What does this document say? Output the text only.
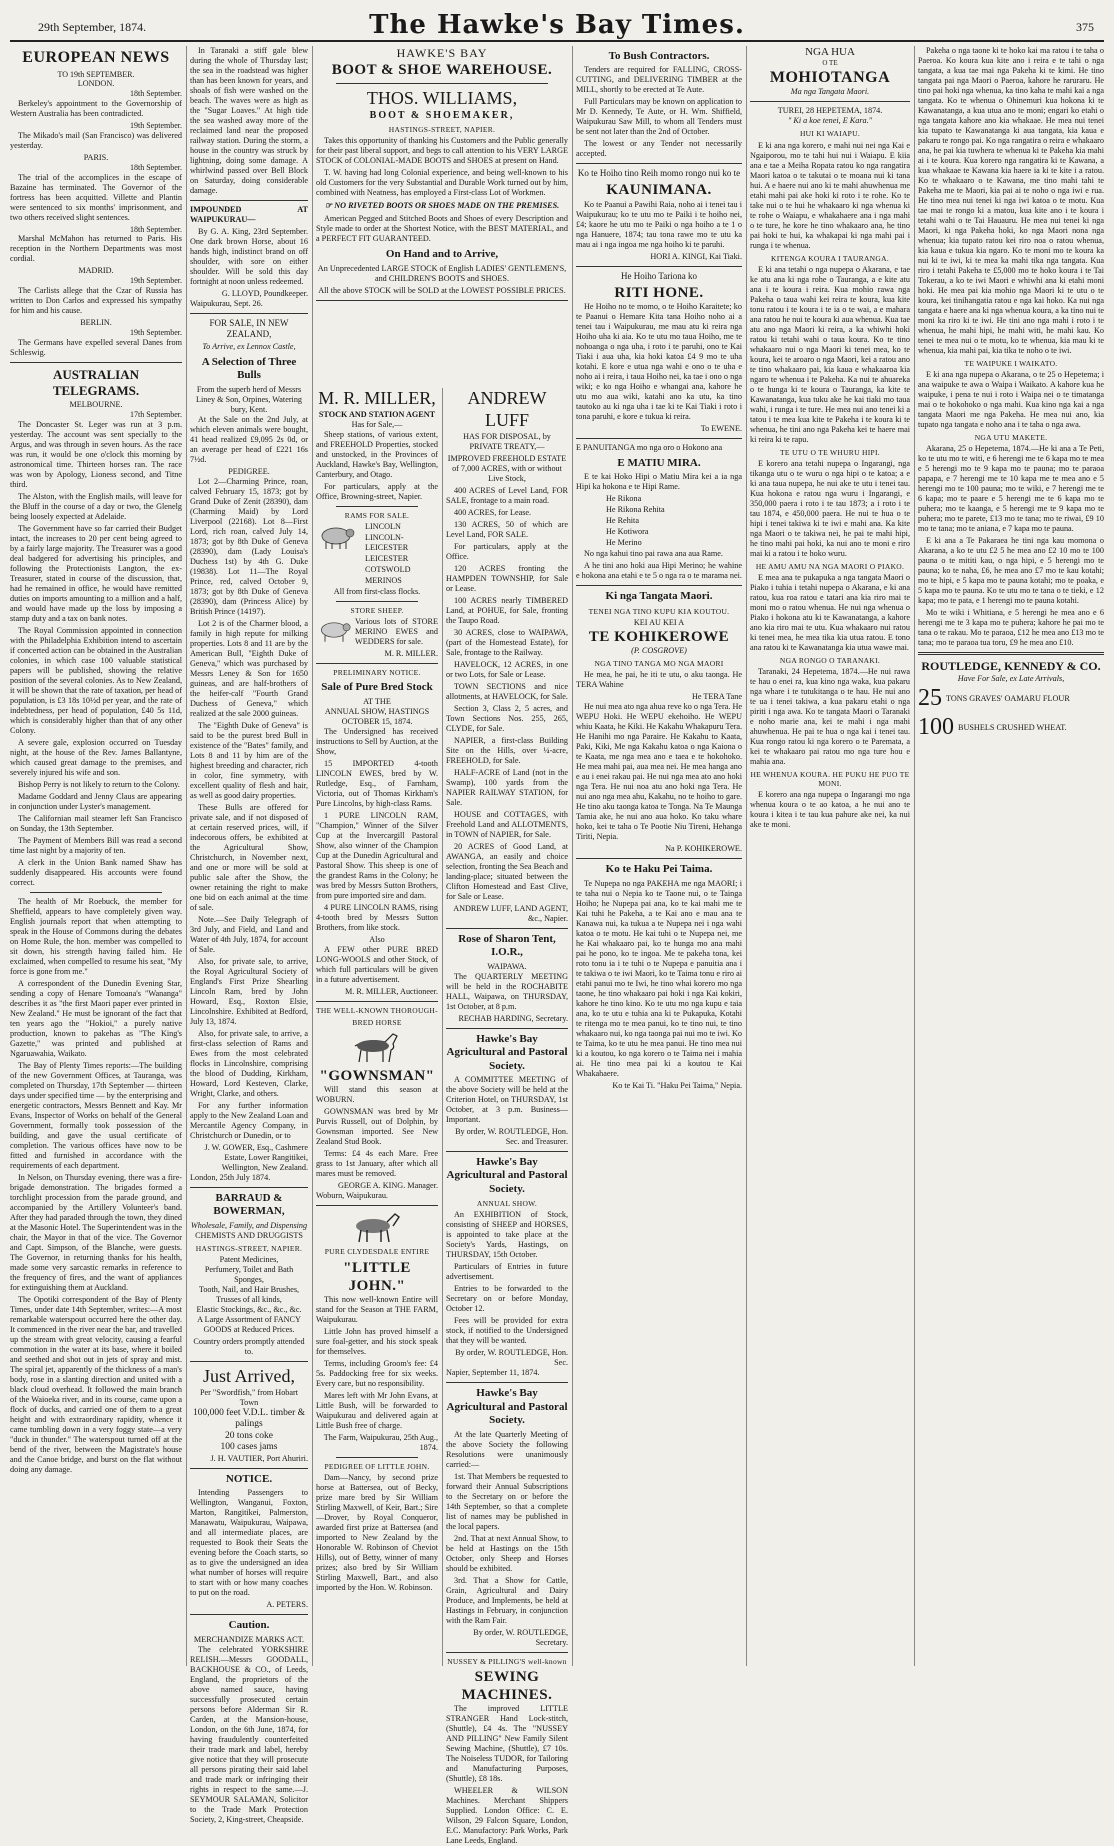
29th September, 1874.	The Hawke's Bay Times.	375
EUROPEAN NEWS
TO 19th SEPTEMBER.
LONDON.
18th September.

Berkeley's appointment to the Governorship of Western Australia has been contradicted.

19th September.

The Mikado's mail (San Francisco) was delivered yesterday.

PARIS.
18th September.

The trial of the accomplices in the escape of Bazaine has terminated. The Governor of the fortress has been acquitted. Villette and Plantin were sentenced to six months' imprisonment, and two others received slight sentences.

18th September.

Marshal McMahon has returned to Paris. His reception in the Northern Departments was most cordial.

MADRID.
19th September.

The Carlists allege that the Czar of Russia has written to Don Carlos and expressed his sympathy for him and his cause.

BERLIN.
19th September.

The Germans have expelled several Danes from Schleswig.

AUSTRALIAN TELEGRAMS.
MELBOURNE.
17th September.

The Doncaster St. Leger was run at 3 p.m. yesterday. The account was sent specially to the Argus, and was through in seven hours. As the race was run, it would be one o'clock this morning by astronomical time. Thirteen horses ran. The race was won by Apology, Lioness second, and Titne third.

The Alston, with the English mails, will leave for the Bluff in the course of a day or two, the Glenelg being loosely expected at Adelaide.

The Government have so far carried their Budget intact, the increases to 20 per cent being agreed to by a fairly large majority. The Treasurer was a good deal badgered for advertising his principles, and following the Protectionists Langton, the ex-Treasurer, stated in course of the discussion, that, had he remained in office, he would have remitted duties on imports amounting to a million and a half, and would have made up the loss by imposing a stamp duty and a tax on bank notes.

The Royal Commission appointed in connection with the Philadelphia Exhibition intend to ascertain if concerted action can be obtained in the Australian colonies, in which case 100 valuable statistical papers will be published, showing the relative position of the several colonies. As to New Zealand, it will be shown that the rate of taxation, per head of population, is £3 18s 10½d per year, and the rate of indebtedness, per head of population, £40 5s 11d, which is considerably higher than that of any other Colony.

A severe gale, explosion occurred on Tuesday night, at the house of the Rev. James Ballantyne, which caused great damage to the premises, and severely injured his wife and son.

Bishop Perry is not likely to return to the Colony.

Madame Goddard and Jenny Claus are appearing in conjunction under Lyster's management.

The Californian mail steamer left San Francisco on Sunday, the 13th September.

The Payment of Members Bill was read a second time last night by a majority of ten.

A clerk in the Union Bank named Shaw has suddenly disappeared. His accounts were found correct.

The health of Mr Roebuck, the member for Sheffield, appears to have completely given way. English journals report that when attempting to speak in the House of Commons during the debates on Home Rule, the hon. member was compelled to sit down, his strength having failed him. He exclaimed, when compelled to resume his seat, "My force is gone from me."

A correspondent of the Dunedin Evening Star, sending a copy of Henare Tomoana's "Wananga" describes it as "the first Maori paper ever printed in New Zealand." He must be ignorant of the fact that ten years ago the "Hokioi," a purely native production, known to pakehas as "The King's Gazette," was printed and published at Ngaruawahia, Waikato.

The Bay of Plenty Times reports:—The building of the new Government Offices, at Tauranga, was completed on Thursday, 17th September — thirteen days under specified time — by the enterprising and energetic contractors, Messrs Bennett and Kay. Mr Evans, Inspector of Works on behalf of the General Government, formally took possession of the building, and gave the usual certificate of completion. The various offices have now to be fitted and furnished in accordance with the requirements of each department.

In Nelson, on Thursday evening, there was a fire-brigade demonstration. The brigades formed a torchlight procession from the parade ground, and accompanied by the Artillery Volunteer's band. After they had paraded through the town, they dined at the Masonic Hotel. The Superintendent was in the chair, the Mayor in that of the vice. The Governor and Capt. Simpson, of the Blanche, were guests. The Governor, in returning thanks for his health, made some very sarcastic remarks in reference to the frequency of fires, and the want of appliances for extinguishing them at Auckland.

The Opotiki correspondent of the Bay of Plenty Times, under date 14th September, writes:—A most remarkable waterspout occurred here the other day. It commenced in the river near the bar, and travelled up the stream with great velocity, causing a fearful commotion in the water at its base, where it boiled and seethed and shot out in jets of spray and mist. The spiral jet, apparently of the thickness of a man's body, rose in a slanting direction and united with a black cloud overhead. It followed the main branch of the Waioeka river, and in its course, came upon a flock of ducks, and carried one of them to a great height and with extraordinary rapidity, whence it came tumbling down in a very foggy state—a very "duck in thunder." The waterspout turned off at the bend of the river, between the Magistrate's house and the Canoe bridge, and burst on the flat without doing any damage.

In Taranaki a stiff gale blew during the whole of Thursday last; the sea in the roadstead was higher than has been known for years, and shoals of fish were washed on the beach. The waves were as high as the "Sugar Loaves." At high tide the sea washed away more of the reclaimed land near the proposed railway station. During the storm, a house in the country was struck by lightning, doing some damage. A whirlwind passed over Bell Block on Saturday, doing considerable damage.

IMPOUNDED AT WAIPUKURAU—

By G. A. King, 23rd September. One dark brown Horse, about 16 hands high, indistinct brand on off shoulder, with sore on either shoulder. Will be sold this day fortnight at noon unless redeemed.

G. LLOYD, Poundkeeper.
Waipukurau, Sept. 26.
FOR SALE, IN NEW ZEALAND,
To Arrive, ex Lennox Castle,
A Selection of Three Bulls
From the superb herd of Messrs Liney & Son, Orpines, Watering bury, Kent.

At the Sale on the 2nd July, at which eleven animals were bought, 41 head realized £9,095 2s 0d, or an average per head of £221 16s 7½d.

PEDIGREE.

Lot 2—Charming Prince, roan, calved February 15, 1873; got by Grand Duke of Zenit (28390), dam (Charming Maid) by Lord Liverpool (22168). Lot 8—First Lord, rich roan, calved July 14, 1873; got by 8th Duke of Geneva (28390), dam (Lady Louisa's Duchess 1st) by 4th G. Duke (19838). Lot 11—The Royal Prince, red, calved October 9, 1873; got by 8th Duke of Geneva (28390), dam (Princess Alice) by British Prince (14197).

Lot 2 is of the Charmer blood, a family in high repute for milking properties. Lots 8 and 11 are by the American Bull, "Eighth Duke of Geneva," which was purchased by Messrs Leney & Son for 1650 guineas, and are half-brothers of the heifer-calf "Fourth Grand Duchess of Geneva," which realized at the sale 2000 guineas.

The "Eighth Duke of Geneva" is said to be the purest bred Bull in existence of the "Bates" family, and Lots 8 and 11 by him are of the highest breeding and character, rich in color, fine symmetry, with excellent quality of flesh and hair, as well as good dairy properties.

These Bulls are offered for private sale, and if not disposed of at certain reserved prices, will, if indecorous offers, be exhibited at the Agricultural Show, Christchurch, in November next, and one or more will be sold at public sale after the Show, the owner retaining the right to make one bid on each animal at the time of sale.

Note.—See Daily Telegraph of 3rd July, and Field, and Land and Water of 4th July, 1874, for account of Sale.

Also, for private sale, to arrive, the Royal Agricultural Society of England's First Prize Shearling Lincoln Ram, bred by John Howard, Esq., Roxton Elsie, Lincolnshire. Exhibited at Bedford, July 13, 1874.

Also, for private sale, to arrive, a first-class selection of Rams and Ewes from the most celebrated flocks in Lincolnshire, comprising the blood of Dudding, Kirkham, Howard, Lord Kesteven, Clarke, Wright, Clarke, and others.

For any further information apply to the New Zealand Loan and Mercantile Agency Company, in Christchurch or Dunedin, or to

J. W. GOWER, Esq., Cashmere Estate, Lower Rangitikei, Wellington, New Zealand.
London, 25th July 1874.
BARRAUD & BOWERMAN,
Wholesale, Family, and Dispensing
CHEMISTS AND DRUGGISTS
HASTINGS-STREET, NAPIER.
Patent Medicines,
Perfumery, Toilet and Bath Sponges,
Tooth, Nail, and Hair Brushes,
Trusses of all kinds,
Elastic Stockings, &c., &c., &c.

A Large Assortment of FANCY GOODS at Reduced Prices.

Country orders promptly attended to.

Just Arrived,
Per "Swordfish," from Hobart Town
100,000 feet V.D.L. timber & palings
20 tons coke
100 cases jams
J. H. VAUTIER, Port Ahuriri.
NOTICE.

Intending Passengers to Wellington, Wanganui, Foxton, Marton, Rangitikei, Palmerston, Manawatu, Waipukurau, Waipawa, and all intermediate places, are requested to Book their Seats the evening before the Coach starts, so as to give the undersigned an idea what number of horses will require to start with or how many coaches to put on the road.

A. PETERS.
Caution.
MERCHANDIZE MARKS ACT.

The celebrated YORKSHIRE RELISH.—Messrs GOODALL, BACKHOUSE & CO., of Leeds, England, the proprietors of the above named sauce, having successfully prosecuted certain persons before Alderman Sir R. Carden, at the Mansion-house, London, on the 6th June, 1874, for having fraudulently counterfeited their trade mark and label, hereby give notice that they will prosecute all persons pirating their said label and trade mark or infringing their rights in respect to the same.—J. SEYMOUR SALAMAN, Solicitor to the Trade Mark Protection Society, 2, King-street, Cheapside.

HAWKE'S BAY
BOOT & SHOE WAREHOUSE.
THOS. WILLIAMS,
BOOT & SHOEMAKER,
HASTINGS-STREET, NAPIER.

Takes this opportunity of thanking his Customers and the Public generally for their past liberal support, and begs to call attention to his VERY LARGE STOCK of COLONIAL-MADE BOOTS and SHOES at present on Hand.

T. W. having had long Colonial experience, and being well-known to his old Customers for the very Substantial and Durable Work turned out by him, combined with Neatness, has employed a First-class Lot of Workmen.

☞ NO RIVETED BOOTS OR SHOES MADE ON THE PREMISES.

American Pegged and Stitched Boots and Shoes of every Description and Style made to order at the Shortest Notice, with the BEST MATERIAL, and a PERFECT FIT GUARANTEED.

On Hand and to Arrive,

An Unprecedented LARGE STOCK of English LADIES' GENTLEMEN'S, and CHILDREN'S BOOTS and SHOES.

All the above STOCK will be SOLD at the LOWEST POSSIBLE PRICES.

M. R. MILLER,
STOCK AND STATION AGENT
Has for Sale,—

Sheep stations, of various extent, and FREEHOLD Properties, stocked and unstocked, in the Provinces of Auckland, Hawke's Bay, Wellington, Canterbury, and Otago.

For particulars, apply at the Office, Browning-street, Napier.

RAMS FOR SALE.
LINCOLN
LINCOLN-LEICESTER
LEICESTER
COTSWOLD
MERINOS
All from first-class flocks.
STORE SHEEP.

Various lots of STORE MERINO EWES and WEDDERS for sale.

M. R. MILLER.
PRELIMINARY NOTICE.
Sale of Pure Bred Stock
AT THE
ANNUAL SHOW, HASTINGS
OCTOBER 15, 1874.

The Undersigned has received instructions to Sell by Auction, at the Show,

15 IMPORTED 4-tooth LINCOLN EWES, bred by W. Rutledge, Esq., of Farnham, Victoria, out of Thomas Kirkham's Pure Lincolns, by high-class Rams.

1 PURE LINCOLN RAM, "Champion," Winner of the Silver Cup at the Invercargill Pastoral Show, also winner of the Champion Cup at the Dunedin Agricultural and Pastoral Show. This sheep is one of the grandest Rams in the Colony; he was bred by Messrs Sutton Brothers, from pure imported sire and dam.

4 PURE LINCOLN RAMS, rising 4-tooth bred by Messrs Sutton Brothers, from like stock.

Also

A FEW other PURE BRED LONG-WOOLS and other Stock, of which full particulars will be given in a future advertisement.

M. R. MILLER, Auctioneer.
THE WELL-KNOWN THOROUGH-
BRED HORSE
"GOWNSMAN"

Will stand this season at WOBURN.

GOWNSMAN was bred by Mr Purvis Russell, out of Dolphin, by Gownsman imported. See New Zealand Stud Book.

Terms: £4 4s each Mare. Free grass to 1st January, after which all mares must be removed.

GEORGE A. KING. Manager.
Woburn, Waipukurau.
PURE CLYDESDALE ENTIRE
"LITTLE JOHN."

This now well-known Entire will stand for the Season at THE FARM, Waipukurau.

Little John has proved himself a sure foal-getter, and his stock speak for themselves.

Terms, including Groom's fee: £4 5s. Paddocking free for six weeks. Every care, but no responsibility.

Mares left with Mr John Evans, at Little Bush, will be forwarded to Waipukurau and delivered again at Little Bush free of charge.

The Farm, Waipukurau, 25th Aug., 1874.
PEDIGREE OF LITTLE JOHN.

Dam—Nancy, by second prize horse at Battersea, out of Becky, prize mare bred by Sir William Stirling Maxwell, of Keir, Bart.; Sire—Drover, by Royal Conqueror, awarded first prize at Battersea (and imported to New Zealand by the Honorable W. Robinson of Cheviot Hills), out of Betty, winner of many prizes; also bred by Sir William Stirling Maxwell, Bart., and also imported by the Hon. W. Robinson.

ANDREW LUFF

HAS FOR DISPOSAL, by PRIVATE TREATY,—

IMPROVED FREEHOLD ESTATE

of 7,000 ACRES, with or without Live Stock,

400 ACRES of Level Land, FOR SALE, frontage to a main road.

400 ACRES, for Lease.

130 ACRES, 50 of which are Level Land, FOR SALE.

For particulars, apply at the Office.

120 ACRES fronting the HAMPDEN TOWNSHIP, for Sale or Lease.

100 ACRES nearly TIMBERED Land, at POHUE, for Sale, fronting the Taupo Road.

30 ACRES, close to WAIPAWA, (part of the Homestead Estate), for Sale, frontage to the Railway.

HAVELOCK, 12 ACRES, in one or two Lots, for Sale or Lease.

TOWN SECTIONS and nice allotments, at HAVELOCK, for Sale.

Section 3, Class 2, 5 acres, and Town Sections Nos. 255, 265, CLYDE, for Sale.

NAPIER, a first-class Building Site on the Hills, over ¼-acre, FREEHOLD, for Sale.

HALF-ACRE of Land (not in the Swamp), 100 yards from the NAPIER RAILWAY STATION, for Sale.

HOUSE and COTTAGES, with Freehold Land and ALLOTMENTS, in TOWN of NAPIER, for Sale.

20 ACRES of Good Land, at AWANGA, an easily and choice selection, fronting the Sea Beach and landing-place; situated between the Clifton Homestead and East Clive, for Sale or Lease.

ANDREW LUFF, LAND AGENT, &c., Napier.
Rose of Sharon Tent, I.O.R.,
WAIPAWA.

The QUARTERLY MEETING will be held in the ROCHABITE HALL, Waipawa, on THURSDAY, 1st October, at 8 p.m.

RECHAB HARDING, Secretary.
Hawke's Bay Agricultural and Pastoral Society.

A COMMITTEE MEETING of the above Society will be held at the Criterion Hotel, on THURSDAY, 1st October, at 3 p.m. Business—Important.

By order, W. ROUTLEDGE, Hon. Sec. and Treasurer.
Hawke's Bay Agricultural and Pastoral Society.
ANNUAL SHOW.

An EXHIBITION of Stock, consisting of SHEEP and HORSES, is appointed to take place at the Society's Yards, Hastings, on THURSDAY, 15th October.

Particulars of Entries in future advertisement.

Entries to be forwarded to the Secretary on or before Monday, October 12.

Fees will be provided for extra stock, if notified to the Undersigned that they will be wanted.

By order, W. ROUTLEDGE, Hon. Sec.
Napier, September 11, 1874.
Hawke's Bay Agricultural and Pastoral Society.

At the late Quarterly Meeting of the above Society the following Resolutions were unanimously carried:—

1st. That Members be requested to forward their Annual Subscriptions to the Secretary on or before the 14th September, so that a complete list of names may be published in the local papers.

2nd. That at next Annual Show, to be held at Hastings on the 15th October, only Sheep and Horses should be exhibited.

3rd. That a Show for Cattle, Grain, Agricultural and Dairy Produce, and Implements, be held at Hastings in February, in conjunction with the Ram Fair.

By order, W. ROUTLEDGE, Secretary.
NUSSEY & PILLING'S well-known
SEWING MACHINES.

The improved LITTLE STRANGER Hand Lock-stitch, (Shuttle), £4 4s. The "NUSSEY AND PILLING" New Family Silent Sewing Machine, (Shuttle), £7 10s. The Noiseless TUDOR, for Tailoring and Manufacturing Purposes, (Shuttle), £8 18s.

WHEELER & WILSON Machines. Merchant Shippers Supplied. London Office: C. E. Wilson, 29 Falcon Square, London, E.C. Manufactory: Park Works, Park Lane Leeds, England.

To Bush Contractors.

Tenders are required for FALLING, CROSS-CUTTING, and DELIVERING TIMBER at the MILL, shortly to be erected at Te Aute.

Full Particulars may be known on application to Mr D. Kennedy, Te Aute, or H. Wm. Shiffield, Waipukurau Saw Mill, to whom all Tenders must be sent not later than the 2nd of October.

The lowest or any Tender not necessarily accepted.

Ko te Hoiho tino Reih momo rongo nui ko te
KAUNIMANA.

Ko te Paanui a Pawihi Raia, noho ai i tenei tau i Waipukurau; ko te utu mo te Paiki i te hoiho nei, £4; kaore he utu mo te Paiki o nga hoiho a te 1 o nga Hanuere, 1874; tau tona rawe mo te utu ka mau ai i nga ingoa me nga hoiho ki te paruhi.

HORI A. KINGI, Kai Tiaki.
He Hoiho Tariona ko
RITI HONE.

He Hoiho no te momo, o te Hoiho Karaitete; ko te Paanui o Hemare Kita tana Hoiho noho ai a tenei tau i Waipukurau, me mau atu ki reira nga Hoiho uha ki aia. Ko te utu mo taua Hoiho, me te nohoanga o nga uha, i roto i te paruhi, ono te Kai Tiaki i aua uha, kia hoki katoa £4 9 mo te uha kotahi. E kore e utua nga wahi e ono o te uha e noho ai i reira, i taua Hoiho nei, ka tae i ono o nga wiki; e ko nga Hoiho e whangai ana, kahore he utu mo aua wiki, katahi ano ka utu, ka tino tautoko au ki nga uha i tae ki te Kai Tiaki i roto i tona paruhi, e kore e tukua ki reira.

To EWENE.

E PANUITANGA mo nga oro o Hokono ana

E MATIU MIRA.

E te kai Hoko Hipi o Matiu Mira kei a ia nga Hipi ka hokona e te Hipi Rame.

He Rikona
He Rikona Rehita
He Rehita
He Kotiwora
He Merino

No nga kahui tino pai rawa ana aua Rame.

A he tini ano hoki aua Hipi Merino; he wahine e hokona ana etahi e te 5 o nga ra o te marama nei.

Ki nga Tangata Maori.
TENEI NGA TINO KUPU KIA KOUTOU.
KEI AU KEI A
TE KOHIKEROWE
(P. COSGROVE)
NGA TINO TANGA MO NGA MAORI

He mea, he pai, he iti te utu, o aku taonga. He TERA Wahine

He TERA Tane

He nui mea ato nga ahua reve ko o nga Tera. He WEPU Hoki. He WEPU ekehoiho. He WEPU whiu Kaata, he Kiki. He Kakahu Whakapuru Tera. He Hanihi mo nga Paraire. He Kakahu to Kaata, Paki, Kiki, Me nga Kakahu katoa o nga Kaiona o te Kaata, me nga mea ano e taea e te hokohoko. He mea mahi pai, aua mea nei. He mea hanga ano e au i enei rakau pai. He nui nga mea ato ano hoki nga Tera. He nui noa atu ano hoki nga Tera. He nui ano nga mea ahu, Kakahu, no te hoiho to gare. He tino aku taonga katoa te Tonga. Na Te Maunga Tamia ake, he nui ano aua hoko. Ko taku whare hoko, kei te taha o Te Pootie Niu Tireni, Hehanga Tiriti, Nepia.

Na P. KOHIKEROWE.
Ko te Haku Pei Taima.

Te Nupepa no nga PAKEHA me nga MAORI; i te taha nui o Nepia ko te Taone nui, o te Tainga Hoiho; he Nupepa pai ana, ko te kai mahi me te Kai tuhi he Pakeha, a te Kai ano e mau ana te Kanawa nui, ka tukua a te Nupepa nei i nga wahi katoa o te motu. He kai tuhi o te Nupepa nei, me he Kai whakaaro pai, ko te hunga mo ana mahi pai he pono, ko te ingoa. Me te pakeha tona, kei roto tonu ia i te tuhi o te Nupepa e panuitia ana i te takiwa o te iwi Maori, ko te Taima tonu e riro ai etahi panui mo te Iwi, he tino whai korero mo nga taone, he tino whakaaro pai hoki i nga Kai kokiri, kahore he tino kino. Ko te utu mo nga kupu e taia ana, ko te utu e tuhia ana ki te Pukapuka, Kotahi te ritenga mo te mea panui, ko te tino nui, te tino whakaaro nui, ko nga taonga pai nui mo te iwi. Ko te Taima, ko te utu he mea panui. He tino mea nui ki a koutou, ko nga korero o te Taima nei i mahia ai. He tino mea pai ki a koutou te Kai Whakahaere.

Ko te Kai Ti. "Haku Pei Taima," Nepia.
NGA HUA
O TE
MOHIOTANGA
Ma nga Tangata Maori.
TUREI, 28 HEPETEMA, 1874.
" Ki a koe tenei, E Kara."
HUI KI WAIAPU.

E ki ana nga korero, e mahi nui nei nga Kai e Ngaiporou, mo te tahi hui nui i Waiapu. E kiia ana e tae a Meiha Ropata ratou ko nga rangatira Maori katoa o te takutai o te moana nui ki tana hui. A e haere nui ano ki te mahi ahuwhenua me etahi mahi pai ake hoki ki roto i te rohe. Ko te take nui o te hui he whakaaro ki nga whenua ki te rohe o Waiapu, e whakahaere ana i nga mahi o te ture, he kore he tino whakaaro ana, he tino pai hoki te hui, ka whakapai ki nga mahi pai i runga i te whenua.

KITENGA KOURA I TAURANGA.

E ki ana tetahi o nga nupepa o Akarana, e tae ke atu ana ki nga rohe o Tauranga, a e kite atu ana i te koura i reira. Kua mohio rawa nga Pakeha o taua wahi kei reira te koura, kua kite tonu ratou i te koura i te ia o te wai, a e mahara ana ratou he nui te koura ki aua whenua. Kua tae atu ano nga Maori ki reira, a ka whiwhi hoki ratou ki tetahi wahi o taua koura. Ko te tino whakaaro nui o nga Maori ki tenei mea, ko te koura, kei te aroaro o nga Maori, kei a ratou ano te tino whakaaro pai, kia kaua e whakaaroa kia ngaro te whenua i te Pakeha. Ka nui te ahuareka o te hunga ki te koura o Tauranga, ka kite te Kawanatanga, kua tuku ake he kai tiaki mo taua wahi, i runga i te ture. He mea nui ano tenei ki a tatou i te mea kua kite te Pakeha i te koura ki te whenua, he tini ano nga Pakeha kei te haere mai ki reira ki te rapu.

TE UTU O TE WHURU HIPI.

E korero ana tetahi nupepa o Ingarangi, nga tikanga utu o te wuru o nga hipi o te katoa; a e ki ana taua nupepa, he nui ake te utu i tenei tau. Kua hokona e ratou nga wuru i Ingarangi, e 350,000 paera i roto i te tau 1873; a i roto i te tau 1874, e 450,000 paera. He nui te hua o te hipi i tenei takiwa ki te iwi e mahi ana. Ka kite nga Maori o te takiwa nei, he pai te mahi hipi, he tino mahi pai hoki, ka nui ano te moni e riro mai ki a ratou i te hoko wuru.

HE AMU AMU NA NGA MAORI O PIAKO.

E mea ana te pukapuka a nga tangata Maori o Piako i tuhia i tetahi nupepa o Akarana, e ki ana ratou, kua roa ratou e tatari ana kia riro mai te moni mo o ratou whenua. He nui nga whenua o Piako i hokona atu ki te Kawanatanga, a kahore ano kia riro mai te utu. Kua whakaaro nui ratou ki tenei mea, he mea tika kia utua ratou. E tono ana ratou ki te Kawanatanga kia utua wawe mai.

NGA RONGO O TARANAKI.

Taranaki, 24 Hepetema, 1874.—He nui rawa te hau o enei ra, kua kino nga waka, kua pakaru nga whare i te tutukitanga o te hau. He nui ano te ua i tenei takiwa, a kua pakaru etahi o nga piriti i nga awa. Ko te tangata Maori o Taranaki e noho marie ana, kei te mahi i nga mahi ahuwhenua. He pai te hua o nga kai i tenei tau. Kua rongo ratou ki nga korero o te Paremata, a kei te whakaaro pai ratou mo nga ture hou e mahia ana.

HE WHENUA KOURA. HE PUKU HE PUO TE MONI.

E korero ana nga nupepa o Ingarangi mo nga whenua koura o te ao katoa, a he nui ano te koura i kitea i te tau kua pahure ake nei, ka nui ake te moni.

Pakeha o nga taone ki te hoko kai ma ratou i te taha o Paeroa. Ko koura kua kite ano i reira e te tahi o nga tangata, a kua tae mai nga Pakeha ki te kimi. He tino tangata pai nga Maori o Paeroa, kahore he raruraru. He tino pai hoki nga whenua, ka tino kaha te mahi kai a nga tangata. Ko te whenua o Ohinemuri kua hokona ki te Kawanatanga, a kua utua ano te moni; engari ko etahi o nga tangata kahore ano kia whakaae. He mea nui tenei kia tupato te Kawanatanga ki aua tangata, kia kaua e pakaru te rongo pai. Ko nga rangatira o reira e whakaaro ana, he pai kia tuwhera te whenua ki te Pakeha kia mahi ai i te koura. Kua korero nga rangatira ki te Kawana, a kua whakaae te Kawana kia haere ia ki te kite i a ratou. Ko te whakaaro o te Kawana, me tino mahi tahi te Pakeha me te Maori, kia pai ai te noho o nga iwi e rua. He tino mea nui tenei ki nga iwi katoa o te motu. Kua tae mai te rongo ki a matou, kua kite ano i te koura i tetahi wahi o te Tai Hauauru. He mea nui tenei ki nga Maori, ki nga Pakeha hoki, ko nga Maori nona nga whenua; kia tupato ratou kei riro noa o ratou whenua, kia kaua e tukua kia ngaro. Ko te moni mo te koura ka nui ki te iwi, ki te mea ka mahi tika nga tangata. Kua riro i tetahi Pakeha te £5,000 mo te hoko koura i te Tai Tokerau, a ko te iwi Maori e whiwhi ana ki etahi moni hoki. He mea pai kia mohio nga Maori ki te utu o te koura, kei tinihangatia ratou e nga kai hoko. Ka nui nga tangata e haere ana ki nga whenua koura, a ka tino nui te moni ka riro ki te iwi. He tini ano nga mahi i roto i te whenua, he mahi hipi, he mahi witi, he mahi kau. Ko tenei te mea nui o te motu, ko te whenua, kia mau ki te whenua, kia mahi pai, kia tika te noho o te iwi.

TE WAIPUKE I WAIKATO.

E ki ana nga nupepa o Akarana, o te 25 o Hepetema; i ana waipuke te awa o Waipa i Waikato. A kahore kua he waipuke, i pena te nui i roto i Waipa nei o te timatanga mai o te hokohoko o nga mahi. Kua kino nga kai a nga tangata Maori me nga Pakeha. He mea nui ano, kia tupato nga tangata e noho ana i te taha o nga awa.

NGA UTU MAKETE.

Akarana, 25 o Hepetema, 1874.—He ki ana a Te Peti, ko te utu mo te witi, e 6 herengi me te 6 kapa mo te mea e 5 herengi mo te 9 kapa mo te pauna; mo te paraoa papapa, e 7 herengi me te 10 kapa me te mea ano e 5 herengi mo te 100 pauna; mo te wiki, e 7 herengi me te 6 kapa; mo te paare e 5 herengi me te 6 kapa mo te puhera; mo te kaanga, e 5 herengi me te 9 kapa mo te puhera; mo te parete, £13 mo te tana; mo te riwai, £9 10 mo te tana; mo te aniana, e 7 kapa mo te pauna.

E ki ana a Te Pakaraea he tini nga kau momona o Akarana, a ko te utu £2 5 he mea ano £2 10 mo te 100 pauna o te mititi kau, o nga hipi, e 5 herengi mo te pauna; ko te naha, £6, he mea ano £7 mo te kau kotahi; mo te hipi, e 5 kapa mo te pauna kotahi; mo te poaka, e 5 kapa mo te pauna. Ko te utu mo te tana o te tieki, e 12 kapa; mo te pata, e 1 herengi mo te pauna kotahi.

Mo te wiki i Whitiana, e 5 herengi he mea ano e 6 herengi me te 3 kapa mo te puhera; kahore he pai mo te tana o te rakau. Mo te paraoa, £12 he mea ano £13 mo te tana; mo te paraoa tua toru, £9 he mea ano £10.

ROUTLEDGE, KENNEDY & CO.
Have For Sale, ex Late Arrivals,
25 TONS GRAVES' OAMARU FLOUR
100 BUSHELS CRUSHED WHEAT.
